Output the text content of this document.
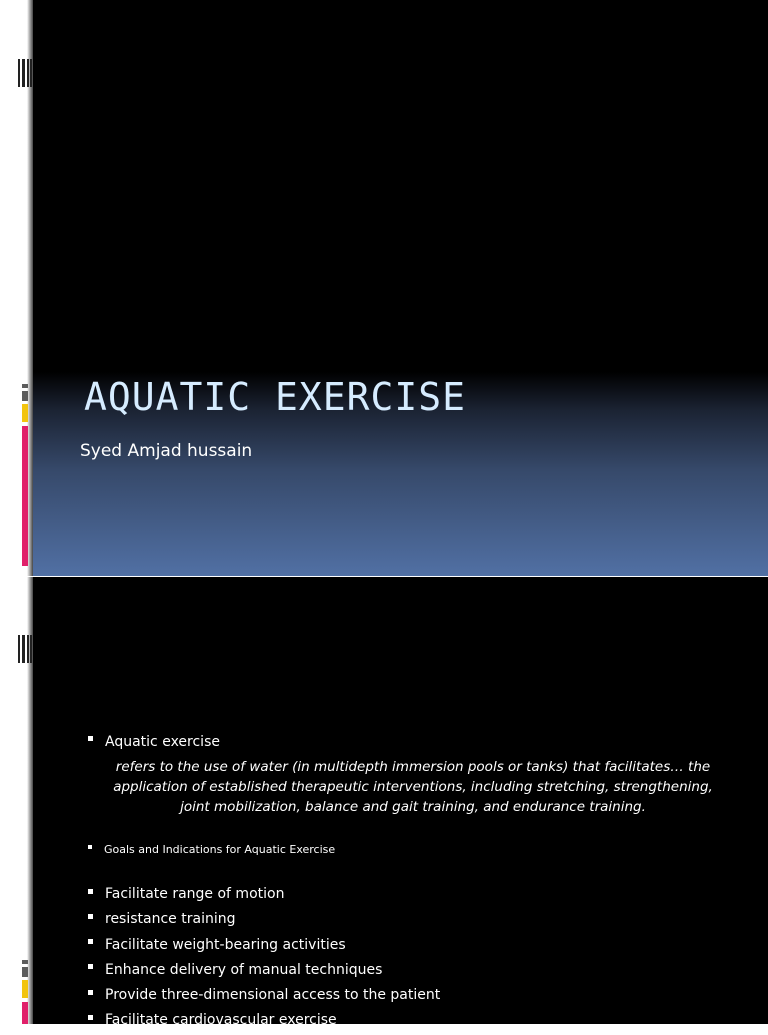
AQUATIC EXERCISE
Syed Amjad hussain
Aquatic exercise
refers to the use of water (in multidepth immersion pools or tanks) that facilitates… the application of established therapeutic interventions, including stretching, strengthening, joint mobilization, balance and gait training, and endurance training.
Goals and Indications for Aquatic Exercise
Facilitate range of motion
resistance training
Facilitate weight-bearing activities
Enhance delivery of manual techniques
Provide three-dimensional access to the patient
Facilitate cardiovascular exercise
